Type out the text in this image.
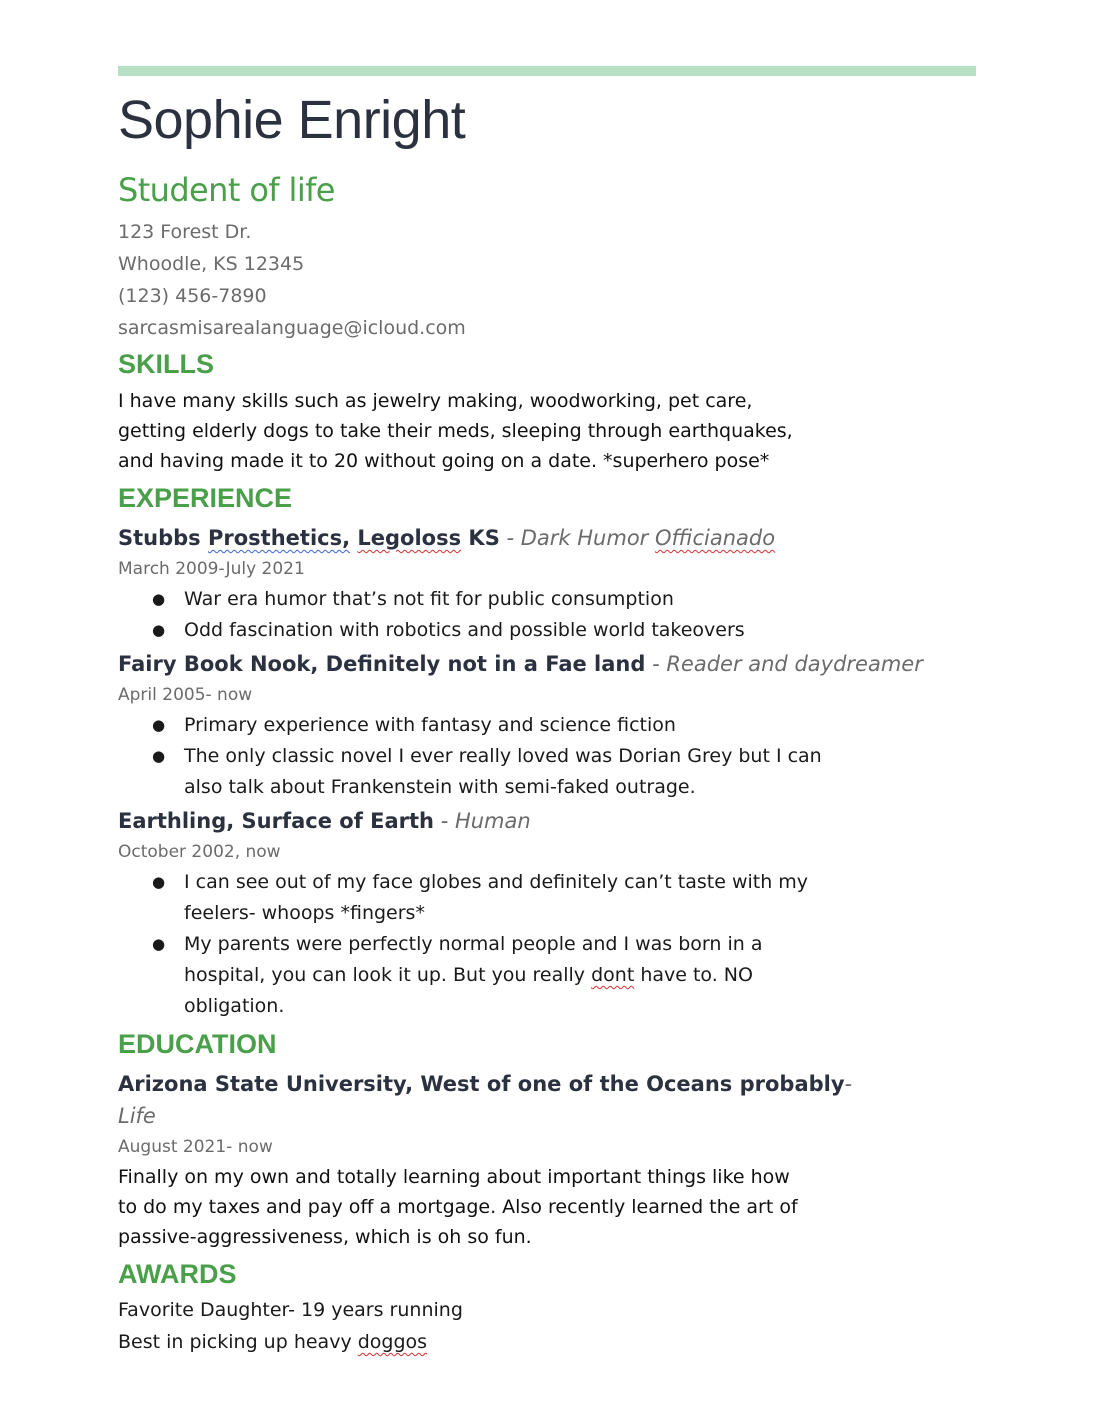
Sophie Enright
Student of life
123 Forest Dr.
Whoodle, KS 12345
(123) 456-7890
sarcasmisarealanguage@icloud.com
SKILLS
I have many skills such as jewelry making, woodworking, pet care, getting elderly dogs to take their meds, sleeping through earthquakes, and having made it to 20 without going on a date. *superhero pose*
EXPERIENCE
Stubbs Prosthetics, Legoloss KS - Dark Humor Officianado
March 2009-July 2021
● War era humor that’s not fit for public consumption
● Odd fascination with robotics and possible world takeovers
Fairy Book Nook, Definitely not in a Fae land - Reader and daydreamer
April 2005- now
● Primary experience with fantasy and science fiction
● The only classic novel I ever really loved was Dorian Grey but I can also talk about Frankenstein with semi-faked outrage.
Earthling, Surface of Earth - Human
October 2002, now
● I can see out of my face globes and definitely can’t taste with my feelers- whoops *fingers*
● My parents were perfectly normal people and I was born in a hospital, you can look it up. But you really dont have to. NO obligation.
EDUCATION
Arizona State University, West of one of the Oceans probably-
Life
August 2021- now
Finally on my own and totally learning about important things like how to do my taxes and pay off a mortgage. Also recently learned the art of passive-aggressiveness, which is oh so fun.
AWARDS
Favorite Daughter- 19 years running
Best in picking up heavy doggos
